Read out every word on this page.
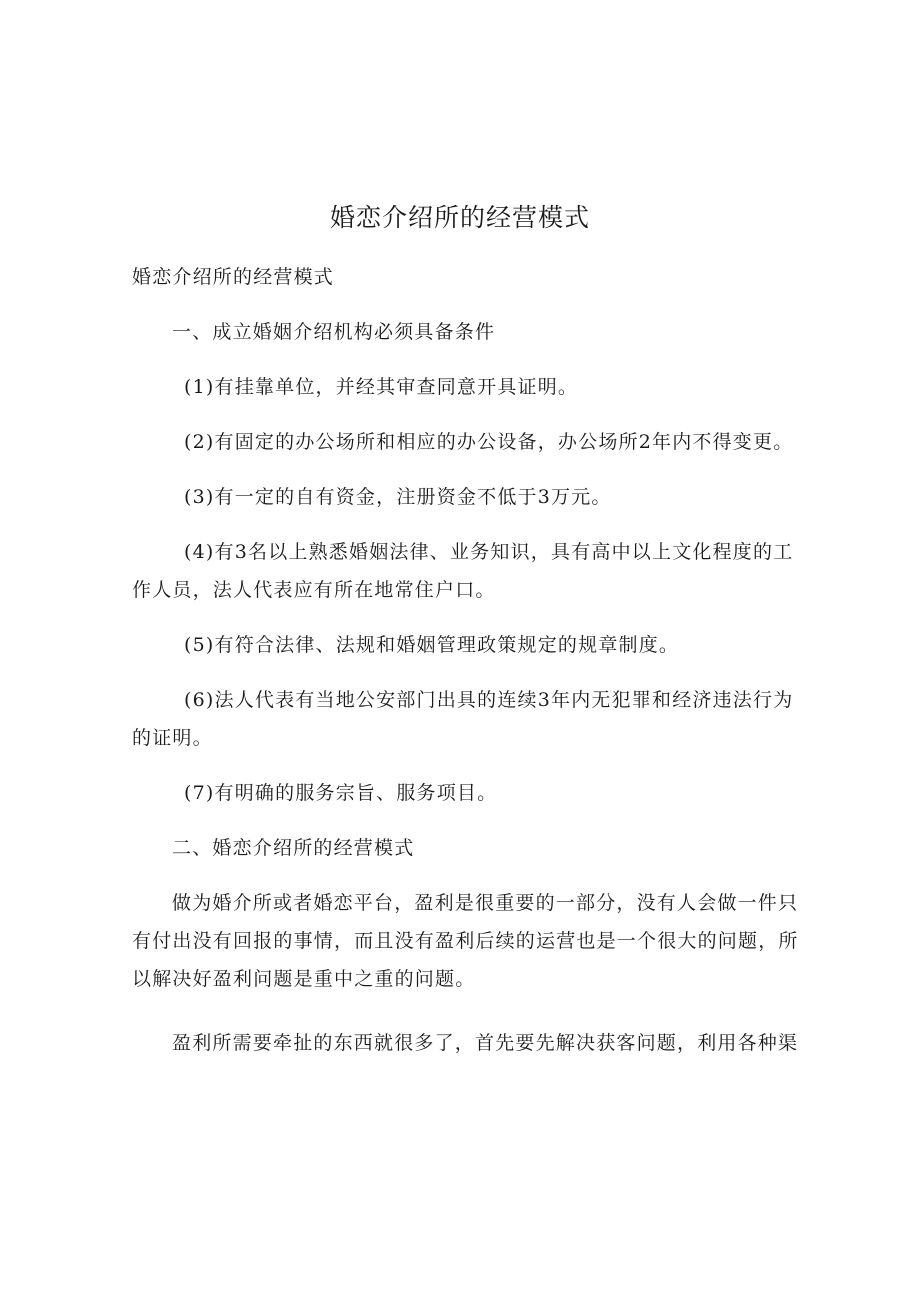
婚恋介绍所的经营模式

婚恋介绍所的经营模式

一、成立婚姻介绍机构必须具备条件

(1)有挂靠单位，并经其审查同意开具证明。

(2)有固定的办公场所和相应的办公设备，办公场所2年内不得变更。

(3)有一定的自有资金，注册资金不低于3万元。

(4)有3名以上熟悉婚姻法律、业务知识，具有高中以上文化程度的工作人员，法人代表应有所在地常住户口。

(5)有符合法律、法规和婚姻管理政策规定的规章制度。

(6)法人代表有当地公安部门出具的连续3年内无犯罪和经济违法行为的证明。

(7)有明确的服务宗旨、服务项目。

二、婚恋介绍所的经营模式

做为婚介所或者婚恋平台，盈利是很重要的一部分，没有人会做一件只有付出没有回报的事情，而且没有盈利后续的运营也是一个很大的问题，所以解决好盈利问题是重中之重的问题。

盈利所需要牵扯的东西就很多了，首先要先解决获客问题，利用各种渠
